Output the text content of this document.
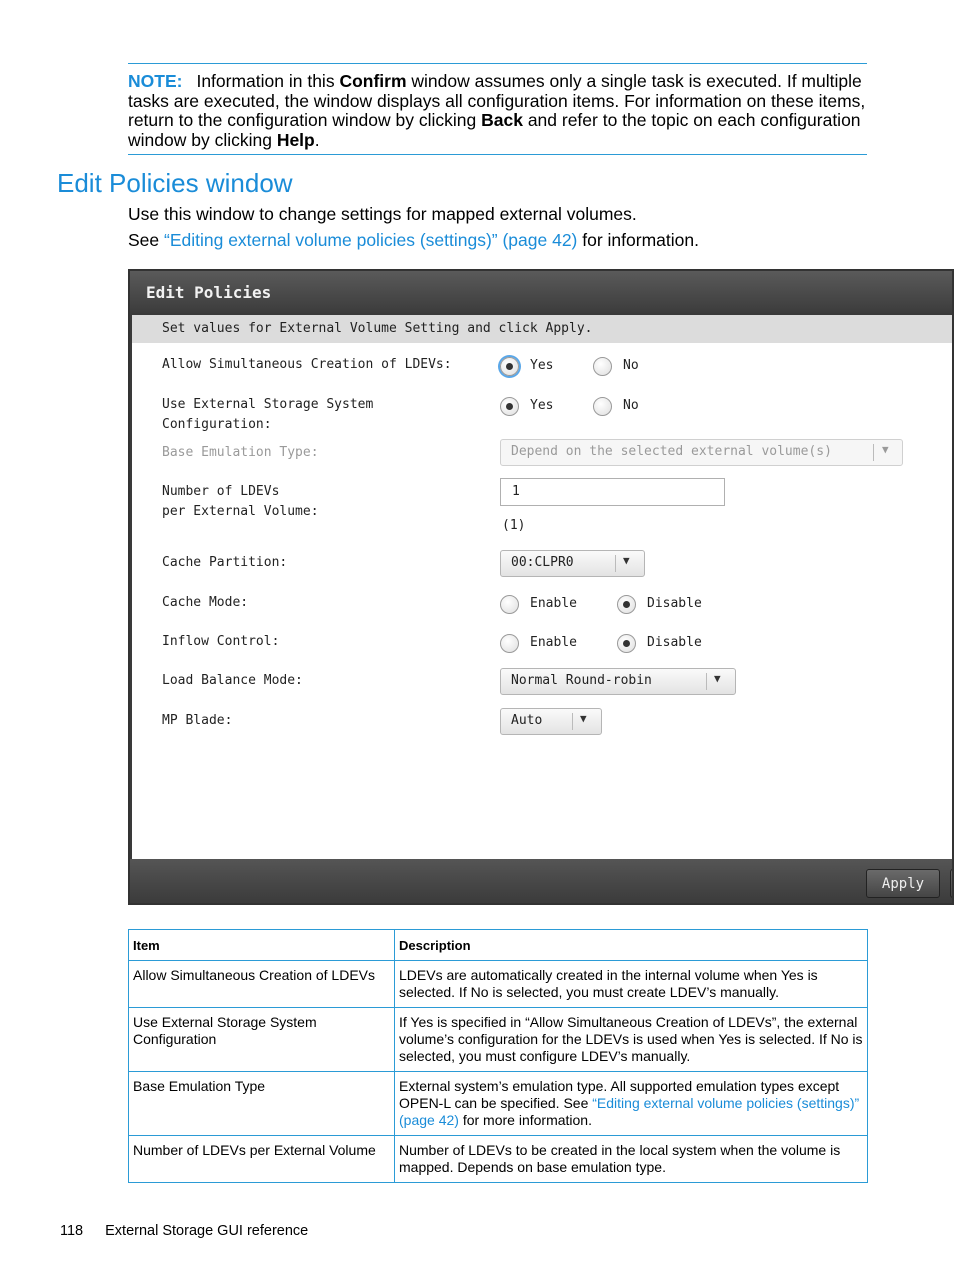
NOTE: Information in this Confirm window assumes only a single task is executed. If multiple tasks are executed, the window displays all configuration items. For information on these items, return to the configuration window by clicking Back and refer to the topic on each configuration window by clicking Help.
Edit Policies window
Use this window to change settings for mapped external volumes.
See “Editing external volume policies (settings)” (page 42) for information.
Edit Policies
Set values for External Volume Setting and click Apply.
Allow Simultaneous Creation of LDEVs:	Yes	No
Use External Storage System
Configuration:
Yes	No
Base Emulation Type:	Depend on the selected external volume(s)	▼
Number of LDEVs
per External Volume:
1
(1)
Cache Partition:	00:CLPR0	▼
Cache Mode:	Enable	Disable
Inflow Control:	Enable	Disable
Load Balance Mode:	Normal Round-robin	▼
MP Blade:	Auto	▼
Apply
Item	Description
Allow Simultaneous Creation of LDEVs	LDEVs are automatically created in the internal volume when Yes is selected. If No is selected, you must create LDEV’s manually.
Use External Storage System Configuration	If Yes is specified in “Allow Simultaneous Creation of LDEVs”, the external volume’s configuration for the LDEVs is used when Yes is selected. If No is selected, you must configure LDEV’s manually.
Base Emulation Type	External system’s emulation type. All supported emulation types except OPEN-L can be specified. See “Editing external volume policies (settings)” (page 42) for more information.
Number of LDEVs per External Volume	Number of LDEVs to be created in the local system when the volume is mapped. Depends on base emulation type.
118 External Storage GUI reference
